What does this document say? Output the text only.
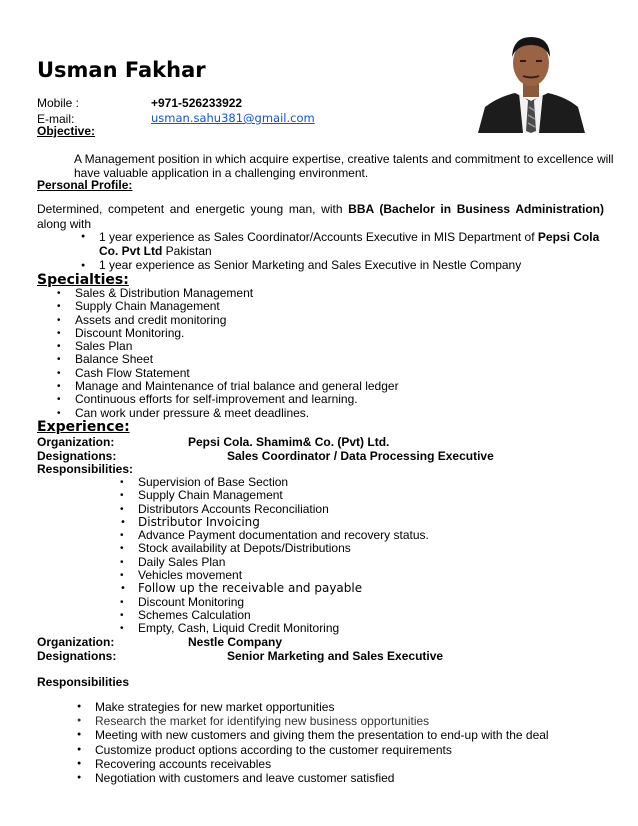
Usman Fakhar
Mobile :	+971-526233922
E-mail:	usman.sahu381@gmail.com
Objective:
A Management position in which acquire expertise, creative talents and commitment to excellence will have valuable application in a challenging environment.
Personal Profile:
Determined, competent and energetic young man, with BBA (Bachelor in Business Administration) along with
● 1 year experience as Sales Coordinator/Accounts Executive in MIS Department of Pepsi Cola Co. Pvt Ltd Pakistan
● 1 year experience as Senior Marketing and Sales Executive in Nestle Company
Specialties:
• Sales & Distribution Management
• Supply Chain Management
• Assets and credit monitoring
• Discount Monitoring.
• Sales Plan
• Balance Sheet
• Cash Flow Statement
• Manage and Maintenance of trial balance and general ledger
• Continuous efforts for self-improvement and learning.
• Can work under pressure & meet deadlines.
Experience:
Organization:	Pepsi Cola. Shamim& Co. (Pvt) Ltd.
Designations:	Sales Coordinator / Data Processing Executive
Responsibilities:
• Supervision of Base Section
• Supply Chain Management
• Distributors Accounts Reconciliation
• Distributor Invoicing
• Advance Payment documentation and recovery status.
• Stock availability at Depots/Distributions
• Daily Sales Plan
• Vehicles movement
• Follow up the receivable and payable
• Discount Monitoring
• Schemes Calculation
• Empty, Cash, Liquid Credit Monitoring
Organization:	Nestle Company
Designations:	Senior Marketing and Sales Executive
Responsibilities
● Make strategies for new market opportunities
● Research the market for identifying new business opportunities
● Meeting with new customers and giving them the presentation to end-up with the deal
● Customize product options according to the customer requirements
● Recovering accounts receivables
● Negotiation with customers and leave customer satisfied
